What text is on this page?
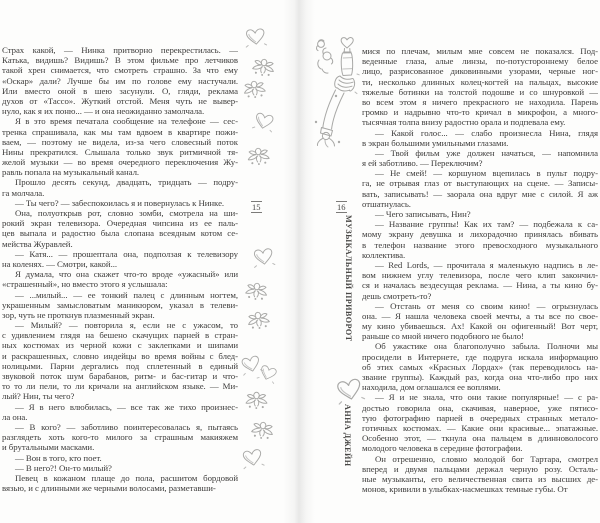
Страх какой, — Нинка притворно перекрестилась. —
Катька, видишь? Видишь? В этом фильме про летчиков
такой хрен снимается, что смотреть страшно. За что ему
«Оскар» дали? Лучше бы им по голове ему настучали.
Или вместо оной в шею засунули. О, гляди, реклама
духов от «Тассо». Жуткий отстой. Меня чуть не вывер-
нуло, как я их поню... — и она неожиданно замолчала.
Я в это время печатала сообщение на телефоне — сес-
тренка спрашивала, как мы там вдвоем в квартире пожи-
ваем, — поэтому не видела, из-за чего словесный поток
Нины прекратился. Слышала только звук ритмичной тя-
желой музыки — во время очередного переключения Жу-
равль попала на музыкальный канал.
Прошло десять секунд, двадцать, тридцать — подру-
га молчала.
— Ты чего? — забеспокоилась я и повернулась к Нинке.
Она, полуоткрыв рот, словно зомби, смотрела на ши-
рокий экран телевизора. Очередная чипсина из ее паль-
цев выпала и радостно была слопана всеядным котом се-
мейства Журавлей.
— Катя... — прошептала она, подползая к телевизору
на коленях. — Смотри, какой...
Я думала, что она скажет что-то вроде «ужасный» или
«страшенный», но вместо этого я услышала:
— ...милый... — ее тонкий палец с длинным ногтем,
украшенным замысловатым маникюром, указал в телеви-
зор, чуть не проткнув плазменный экран.
— Милый? — повторила я, если не с ужасом, то
с удивлением глядя на бешено скачущих парней в стран-
ных костюмах из черной кожи с заклепками и шипами
и раскрашенных, словно индейцы во время войны с блед-
нолицыми. Парни дергались под сплетенный в единый
звуковой поток шум барабанов, ритм- и бас-гитар и что-
то то ли пели, то ли кричали на английском языке. — Ми-
лый? Нин, ты чего?
— Я в него влюбилась, — все так же тихо произнес-
ла она.
— В кого? — заботливо поинтересовалась я, пытаясь
разглядеть хоть кого-то милого за страшным макияжем
и брутальными масками.
— Вон в того, кто поет.
— В него?! Он-то милый?
Певец в кожаном плаще до пола, расшитом бордовой
вязью, и с длинными же черными волосами, разметавши-
15
мися по плечам, милым мне совсем не показался. Под-
веденные глаза, алые линзы, по-потустороннему белое
лицо, разрисованное диковинными узорами, черные ног-
ти, несколько длинных колец-когтей на пальцах, высокие
тяжелые ботинки на толстой подошве и со шнуровкой —
во всем этом я ничего прекрасного не находила. Парень
громко и надрывно что-то кричал в микрофон, а много-
тысячная толпа внизу радостно орала и подпевала ему.
— Какой голос... — слабо произнесла Нина, глядя
в экран большими умильными глазами.
— Твой фильм уже должен начаться, — напомнила
я ей заботливо. — Переключим?
— Не смей! — коршуном вцепилась в пульт подру-
га, не отрывая глаз от выступающих на сцене. — Записы-
вать, записывать! — заорала она вдруг мне с силой. Я аж
отшатнулась.
— Чего записывать, Нин?
— Название группы! Как их там? — подбежала к са-
мому экрану девушка и лихорадочно принялась вбивать
в телефон название этого превосходного музыкального
коллектива.
— Red Lords, — прочитала я маленькую надпись в ле-
вом нижнем углу телевизора, после чего клип закончил-
ся и началась вездесущая реклама. — Нина, а ты кино бу-
дешь смотреть-то?
— Отстань от меня со своим кино! — огрызнулась
она. — Я нашла человека своей мечты, а ты все по свое-
му кино убиваешься. Ах! Какой он офигенный! Вот черт,
раньше со мной ничего подобного не было!
Об ужастике она благополучно забыла. Полночи мы
просидели в Интернете, где подруга искала информацию
об этих самых «Красных Лордах» (так переводилось на-
звание группы). Каждый раз, когда она что-либо про них
находила, дом оглашался ее воплями.
— Я и не знала, что они такие популярные! — с ра-
достью говорила она, скачивая, наверное, уже пятисо-
тую фотографию парней в очередных странных метало-
готичных костюмах. — Какие они красивые... эпатажные.
Особенно этот, — ткнула она пальцем в длинноволосого
молодого человека в середине фотографии.
Он отрешенно, словно молодой бог Тартара, смотрел
вперед и двумя пальцами держал черную розу. Осталь-
ные музыканты, его величественная свита из высших де-
монов, кривили в улыбках-насмешках темные губы. От
16
МУЗЫКАЛЬНЫЙ ПРИВОРОТ
АННА ДЖЕЙН
